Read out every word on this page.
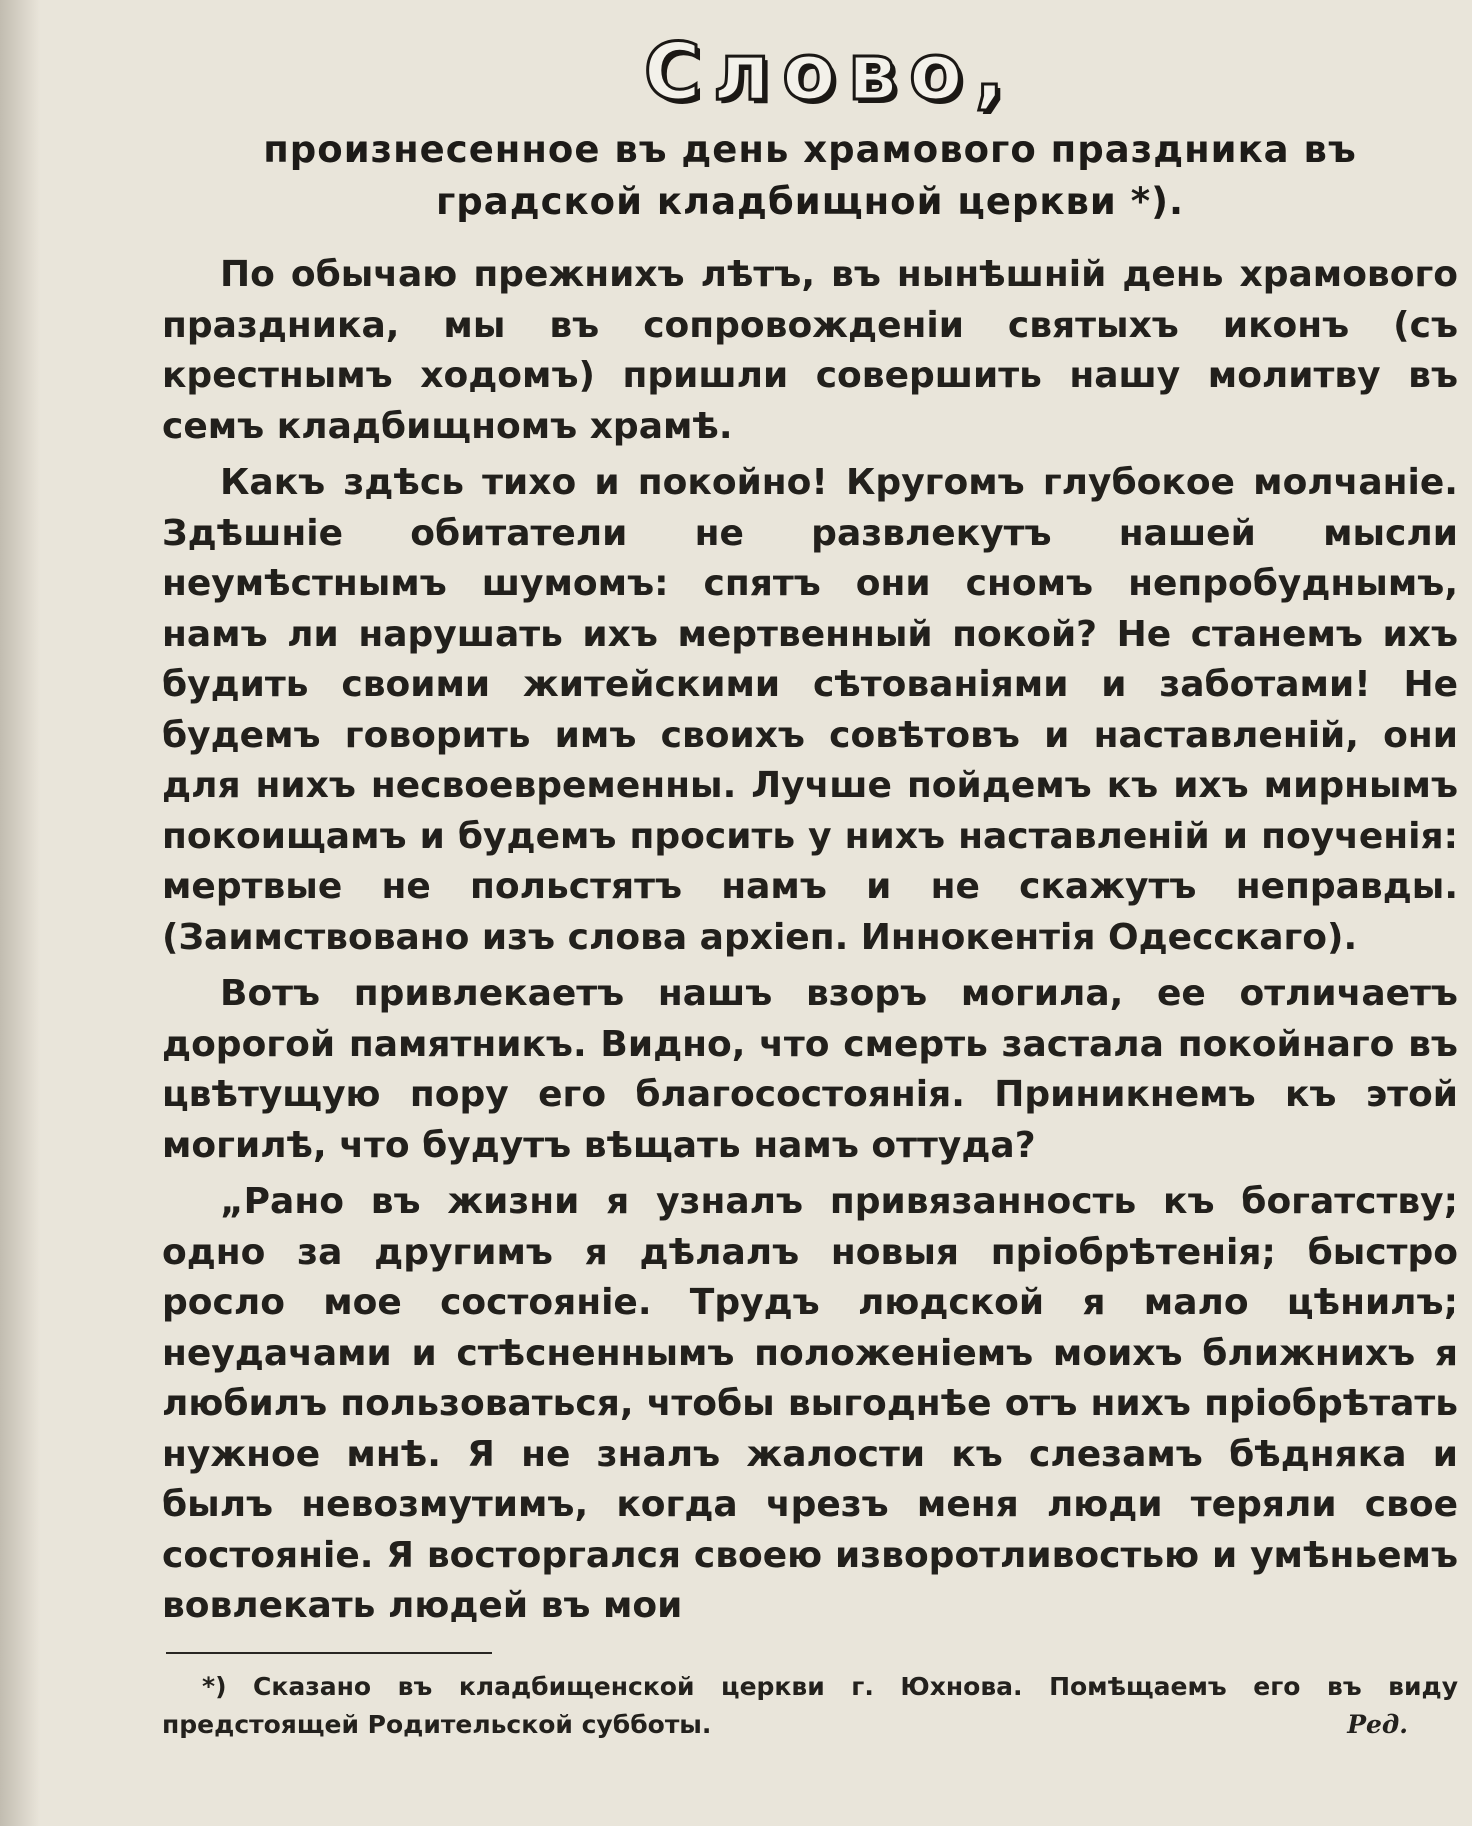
Слово,

произнесенное въ день храмового праздника въ градской кладбищной церкви *).

По обычаю прежнихъ лѣтъ, въ нынѣшній день храмового праздника, мы въ сопровожденіи святыхъ иконъ (съ крестнымъ ходомъ) пришли совершить нашу молитву въ семъ кладбищномъ храмѣ.

Какъ здѣсь тихо и покойно! Кругомъ глубокое молчаніе. Здѣшніе обитатели не развлекутъ нашей мысли неумѣстнымъ шумомъ: спятъ они сномъ непробуднымъ, намъ ли нарушать ихъ мертвенный покой? Не станемъ ихъ будить своими житейскими сѣтованіями и заботами! Не будемъ говорить имъ своихъ совѣтовъ и наставленій, они для нихъ несвоевременны. Лучше пойдемъ къ ихъ мирнымъ покоищамъ и будемъ просить у нихъ наставленій и поученія: мертвые не польстятъ намъ и не скажутъ неправды. (Заимствовано изъ слова архіеп. Иннокентія Одесскаго).

Вотъ привлекаетъ нашъ взоръ могила, ее отличаетъ дорогой памятникъ. Видно, что смерть застала покойнаго въ цвѣтущую пору его благосостоянія. Приникнемъ къ этой могилѣ, что будутъ вѣщать намъ оттуда?

„Рано въ жизни я узналъ привязанность къ богатству; одно за другимъ я дѣлалъ новыя пріобрѣтенія; быстро росло мое состояніе. Трудъ людской я мало цѣнилъ; неудачами и стѣсненнымъ положеніемъ моихъ ближнихъ я любилъ пользоваться, чтобы выгоднѣе отъ нихъ пріобрѣтать нужное мнѣ. Я не зналъ жалости къ слезамъ бѣдняка и былъ невозмутимъ, когда чрезъ меня люди теряли свое состояніе. Я восторгался своею изворотливостью и умѣньемъ вовлекать людей въ мои

*) Сказано въ кладбищенской церкви г. Юхнова. Помѣщаемъ его въ виду предстоящей Родительской субботы.	Ред.
